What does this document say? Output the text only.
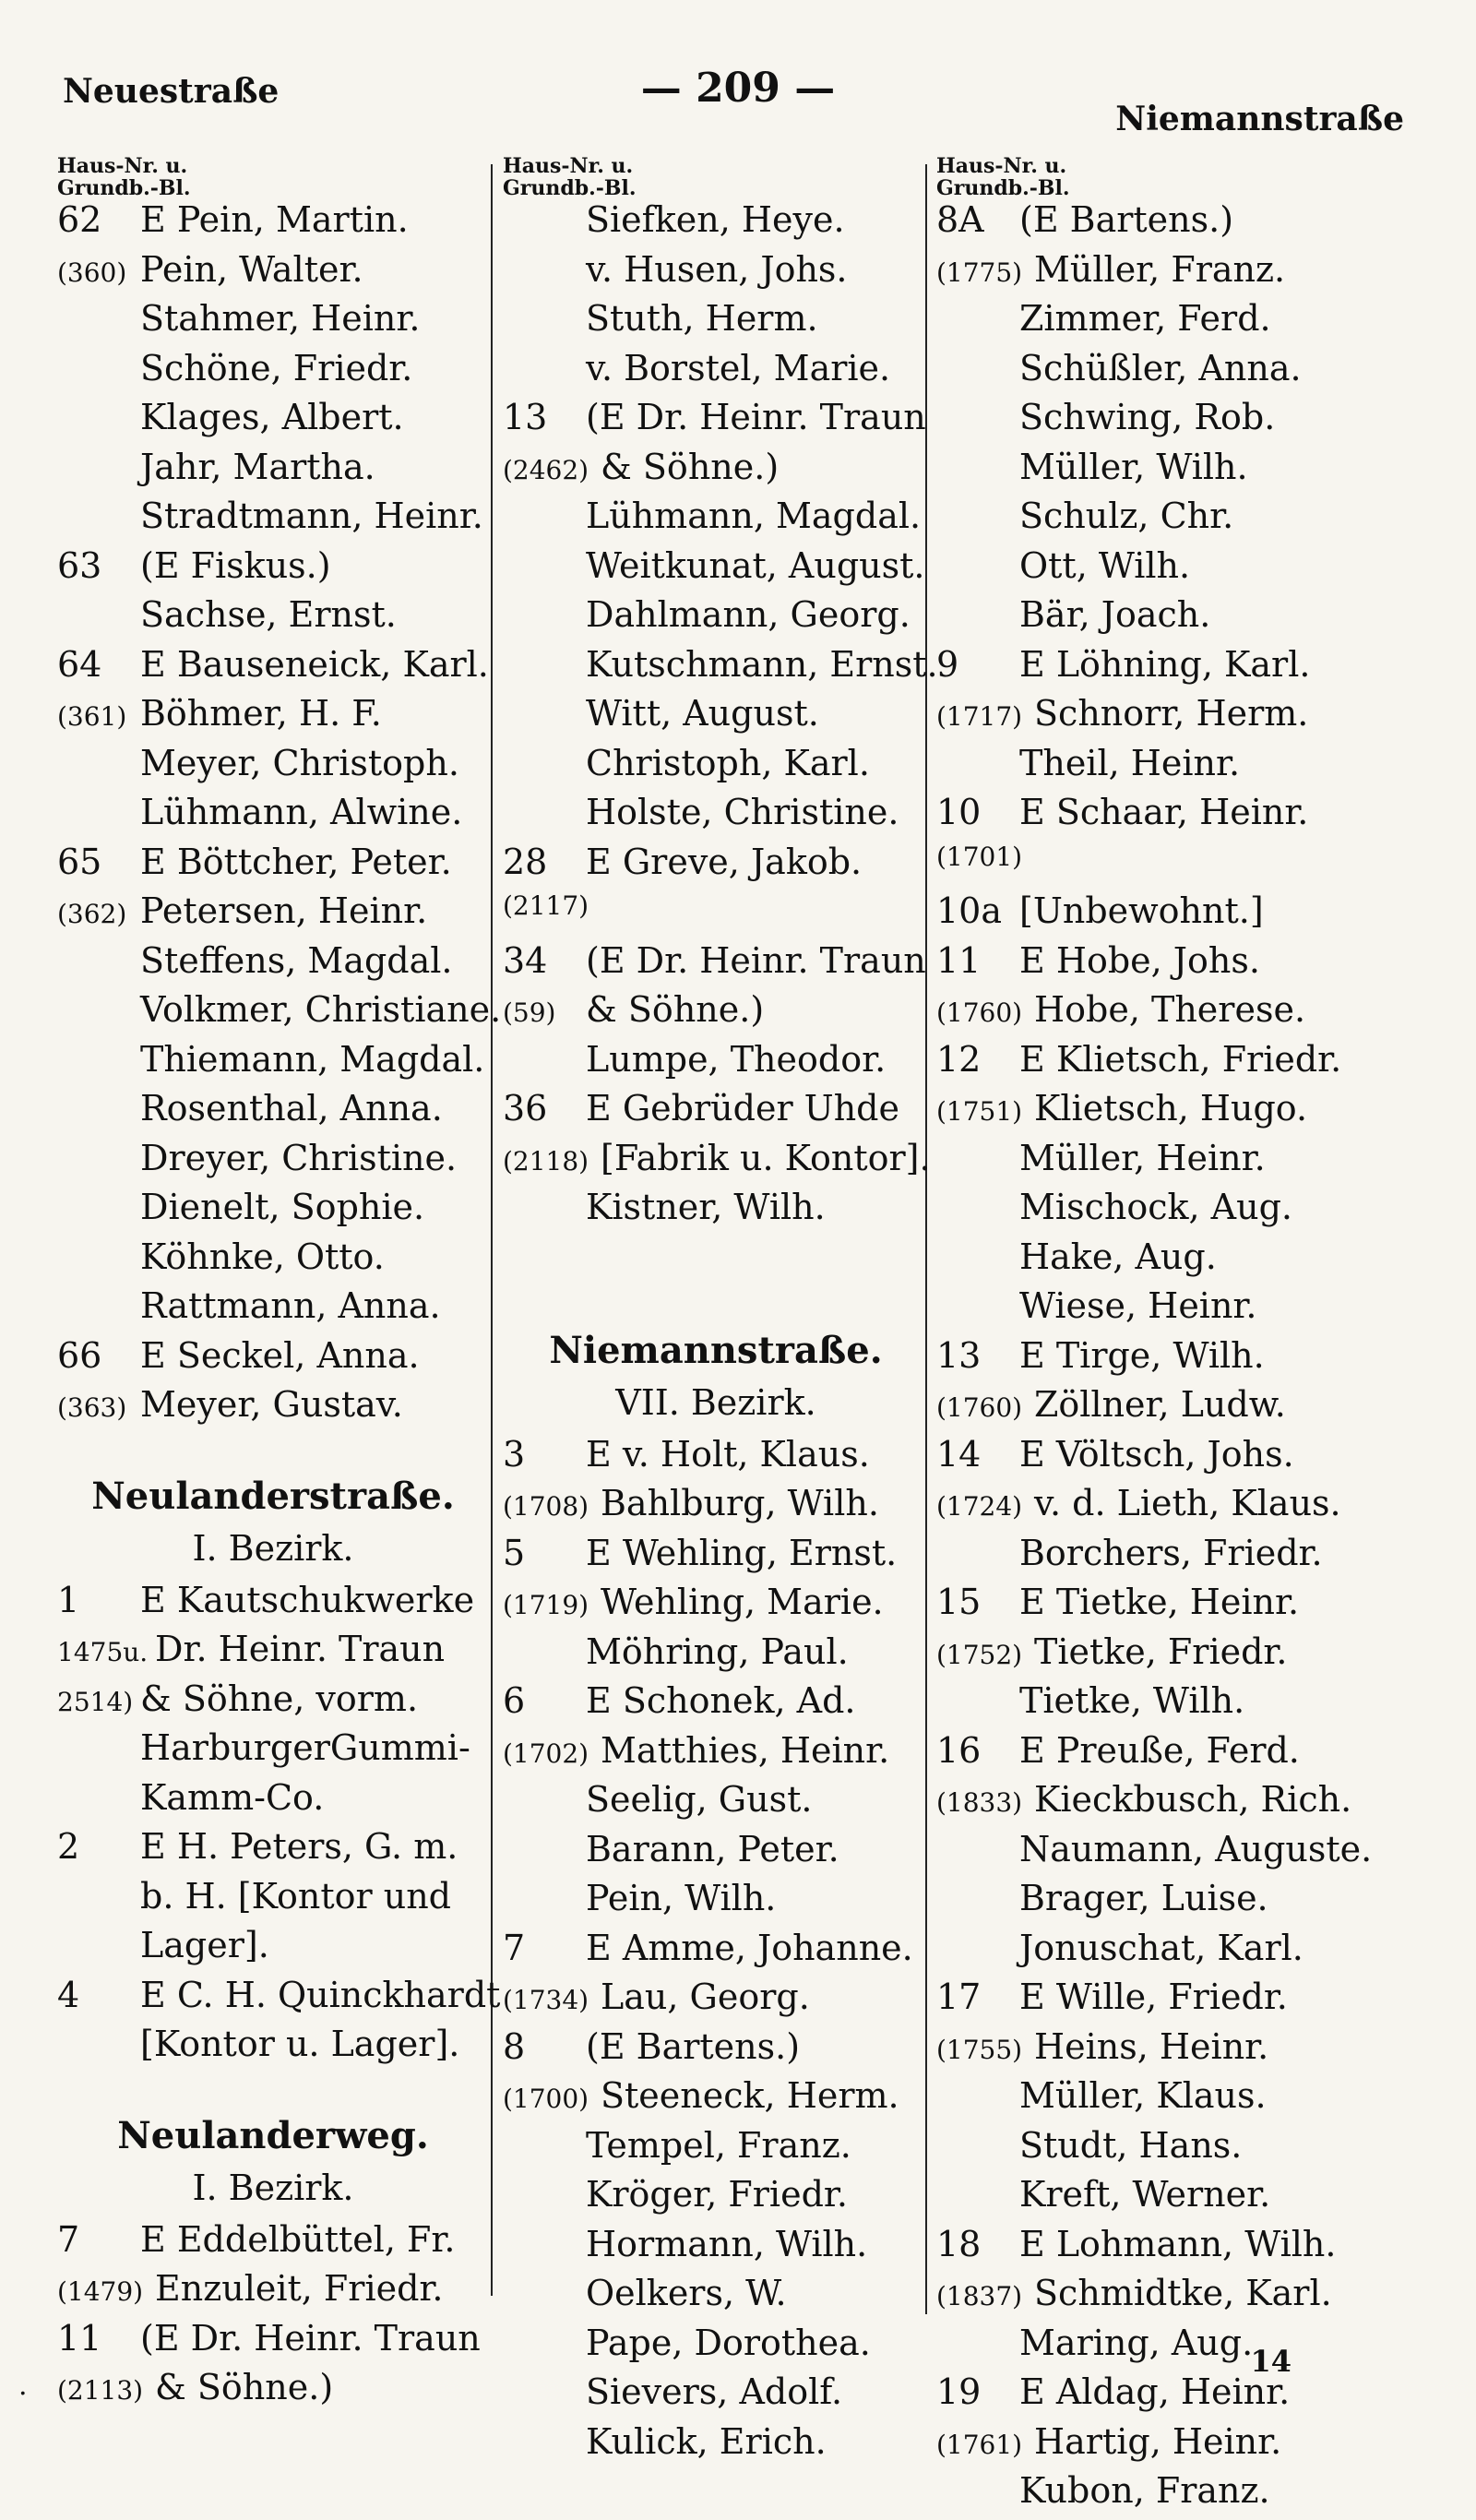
Neuestraße	— 209 —
Niemannstraße
Haus-Nr. u.
Grundb.-Bl.
62	E Pein, Martin.
(360) Pein, Walter.
Stahmer, Heinr.
Schöne, Friedr.
Klages, Albert.
Jahr, Martha.
Stradtmann, Heinr.
63	(E Fiskus.)
Sachse, Ernst.
64	E Bauseneick, Karl.
(361) Böhmer, H. F.
Meyer, Christoph.
Lühmann, Alwine.
65	E Böttcher, Peter.
(362) Petersen, Heinr.
Steffens, Magdal.
Volkmer, Christiane.
Thiemann, Magdal.
Rosenthal, Anna.
Dreyer, Christine.
Dienelt, Sophie.
Köhnke, Otto.
Rattmann, Anna.
66	E Seckel, Anna.
(363) Meyer, Gustav.
Neulanderstraße.
I. Bezirk.
1	E Kautschukwerke
1475u. Dr. Heinr. Traun
2514) & Söhne, vorm.
HarburgerGummi-
Kamm-Co.
2	E H. Peters, G. m.
b. H. [Kontor und
Lager].
4	E C. H. Quinckhardt
[Kontor u. Lager].
Neulanderweg.
I. Bezirk.
7	E Eddelbüttel, Fr.
(1479) Enzuleit, Friedr.
11	(E Dr. Heinr. Traun
(2113) & Söhne.)
Haus-Nr. u.
Grundb.-Bl.
Siefken, Heye.
v. Husen, Johs.
Stuth, Herm.
v. Borstel, Marie.
13	(E Dr. Heinr. Traun
(2462) & Söhne.)
Lühmann, Magdal.
Weitkunat, August.
Dahlmann, Georg.
Kutschmann, Ernst.
Witt, August.
Christoph, Karl.
Holste, Christine.
28	E Greve, Jakob.
(2117)
34	(E Dr. Heinr. Traun
(59) & Söhne.)
Lumpe, Theodor.
36	E Gebrüder Uhde
(2118) [Fabrik u. Kontor].
Kistner, Wilh.
Niemannstraße.
VII. Bezirk.
3	E v. Holt, Klaus.
(1708) Bahlburg, Wilh.
5	E Wehling, Ernst.
(1719) Wehling, Marie.
Möhring, Paul.
6	E Schonek, Ad.
(1702) Matthies, Heinr.
Seelig, Gust.
Barann, Peter.
Pein, Wilh.
7	E Amme, Johanne.
(1734) Lau, Georg.
8	(E Bartens.)
(1700) Steeneck, Herm.
Tempel, Franz.
Kröger, Friedr.
Hormann, Wilh.
Oelkers, W.
Pape, Dorothea.
Sievers, Adolf.
Kulick, Erich.
Haus-Nr. u.
Grundb.-Bl.
8A	(E Bartens.)
(1775) Müller, Franz.
Zimmer, Ferd.
Schüßler, Anna.
Schwing, Rob.
Müller, Wilh.
Schulz, Chr.
Ott, Wilh.
Bär, Joach.
9	E Löhning, Karl.
(1717) Schnorr, Herm.
Theil, Heinr.
10	E Schaar, Heinr.
(1701)
10a [Unbewohnt.]
11	E Hobe, Johs.
(1760) Hobe, Therese.
12	E Klietsch, Friedr.
(1751) Klietsch, Hugo.
Müller, Heinr.
Mischock, Aug.
Hake, Aug.
Wiese, Heinr.
13	E Tirge, Wilh.
(1760) Zöllner, Ludw.
14	E Völtsch, Johs.
(1724) v. d. Lieth, Klaus.
Borchers, Friedr.
15	E Tietke, Heinr.
(1752) Tietke, Friedr.
Tietke, Wilh.
16	E Preuße, Ferd.
(1833) Kieckbusch, Rich.
Naumann, Auguste.
Brager, Luise.
Jonuschat, Karl.
17	E Wille, Friedr.
(1755) Heins, Heinr.
Müller, Klaus.
Studt, Hans.
Kreft, Werner.
18	E Lohmann, Wilh.
(1837) Schmidtke, Karl.
Maring, Aug.
19	E Aldag, Heinr.
(1761) Hartig, Heinr.
Kubon, Franz.
14
.
